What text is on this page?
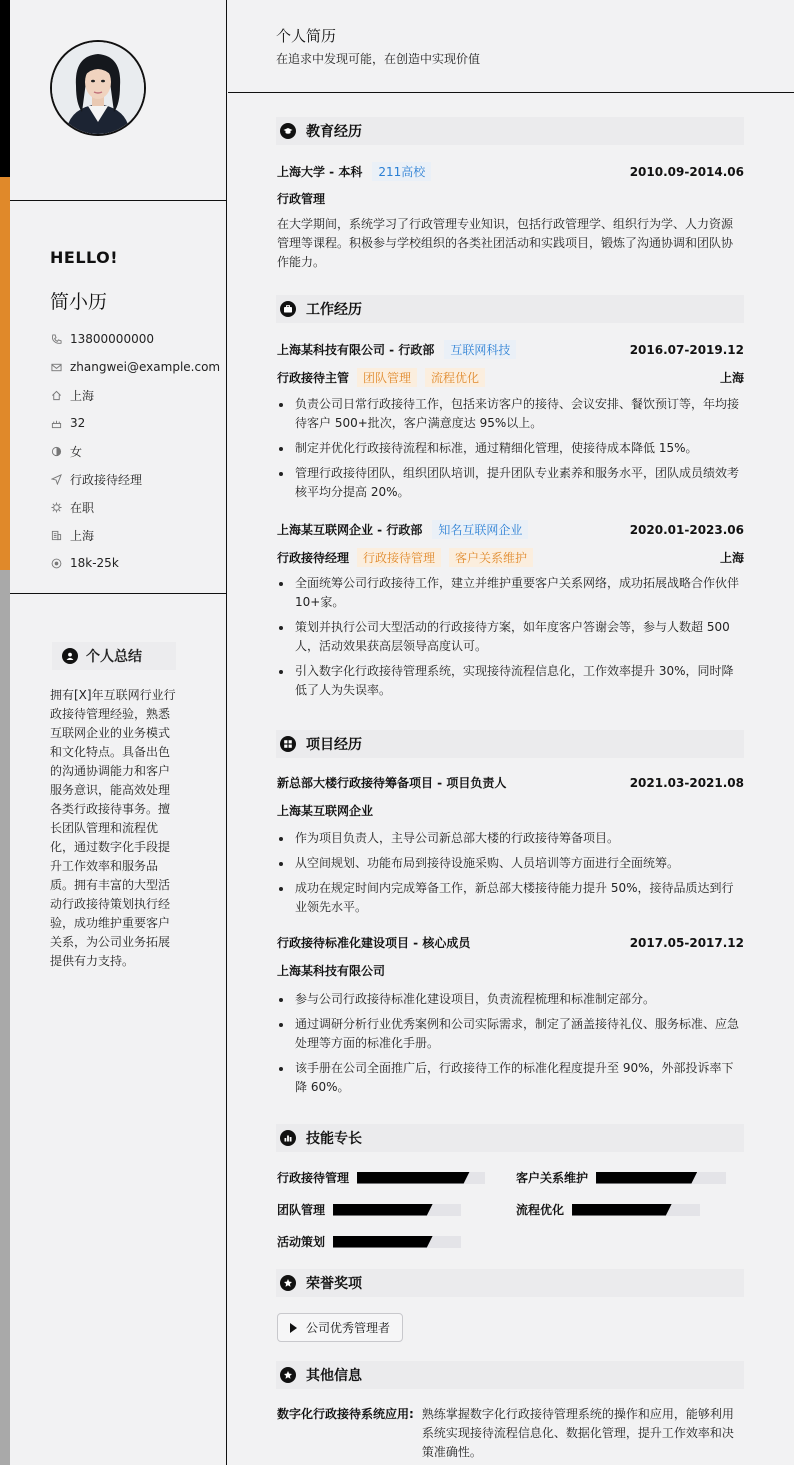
HELLO!
简小历
13800000000
zhangwei@example.com
上海
32
女
行政接待经理
在职
上海
18k-25k
个人总结
拥有[X]年互联网行业行政接待管理经验，熟悉互联网企业的业务模式和文化特点。具备出色的沟通协调能力和客户服务意识，能高效处理各类行政接待事务。擅长团队管理和流程优化，通过数字化手段提升工作效率和服务品质。拥有丰富的大型活动行政接待策划执行经验，成功维护重要客户关系，为公司业务拓展提供有力支持。
个人简历
在追求中发现可能，在创造中实现价值
教育经历
上海大学 - 本科	211高校	2010.09-2014.06
行政管理
在大学期间，系统学习了行政管理专业知识，包括行政管理学、组织行为学、人力资源管理等课程。积极参与学校组织的各类社团活动和实践项目，锻炼了沟通协调和团队协作能力。
工作经历
上海某科技有限公司 - 行政部	互联网科技	2016.07-2019.12
行政接待主管	团队管理	流程优化	上海
负责公司日常行政接待工作，包括来访客户的接待、会议安排、餐饮预订等，年均接待客户 500+批次，客户满意度达 95%以上。
制定并优化行政接待流程和标准，通过精细化管理，使接待成本降低 15%。
管理行政接待团队，组织团队培训，提升团队专业素养和服务水平，团队成员绩效考核平均分提高 20%。
上海某互联网企业 - 行政部	知名互联网企业	2020.01-2023.06
行政接待经理	行政接待管理	客户关系维护	上海
全面统筹公司行政接待工作，建立并维护重要客户关系网络，成功拓展战略合作伙伴 10+家。
策划并执行公司大型活动的行政接待方案，如年度客户答谢会等，参与人数超 500 人，活动效果获高层领导高度认可。
引入数字化行政接待管理系统，实现接待流程信息化，工作效率提升 30%，同时降低了人为失误率。
项目经历
新总部大楼行政接待筹备项目 - 项目负责人	2021.03-2021.08
上海某互联网企业
作为项目负责人，主导公司新总部大楼的行政接待筹备项目。
从空间规划、功能布局到接待设施采购、人员培训等方面进行全面统筹。
成功在规定时间内完成筹备工作，新总部大楼接待能力提升 50%，接待品质达到行业领先水平。
行政接待标准化建设项目 - 核心成员	2017.05-2017.12
上海某科技有限公司
参与公司行政接待标准化建设项目，负责流程梳理和标准制定部分。
通过调研分析行业优秀案例和公司实际需求，制定了涵盖接待礼仪、服务标准、应急处理等方面的标准化手册。
该手册在公司全面推广后，行政接待工作的标准化程度提升至 90%，外部投诉率下降 60%。
技能专长
行政接待管理	客户关系维护
团队管理	流程优化
活动策划
荣誉奖项
公司优秀管理者
其他信息
数字化行政接待系统应用: 熟练掌握数字化行政接待管理系统的操作和应用，能够利用系统实现接待流程信息化、数据化管理，提升工作效率和决策准确性。
